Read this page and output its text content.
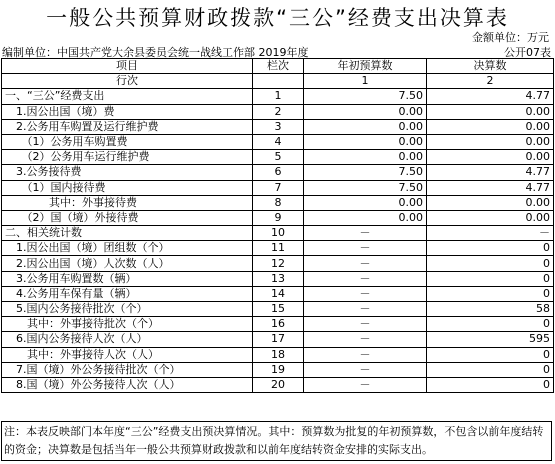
一般公共预算财政拨款“三公”经费支出决算表
金额单位：万元
编制单位：中国共产党大余县委员会统一战线工作部 2019年度	公开07表
项目	栏次	年初预算数	决算数
行次		1	2
一、“三公”经费支出	1	7.50	4.77
　1.因公出国（境）费	2	0.00	0.00
　2.公务用车购置及运行维护费	3	0.00	0.00
　　（1）公务用车购置费	4	0.00	0.00
　　（2）公务用车运行维护费	5	0.00	0.00
　3.公务接待费	6	7.50	4.77
　　（1）国内接待费	7	7.50	4.77
　　　　其中：外事接待费	8	0.00	0.00
　　（2）国（境）外接待费	9	0.00	0.00
二、相关统计数	10	－	－
　1.因公出国（境）团组数（个）	11	－	0
　2.因公出国（境）人次数（人）	12	－	0
　3.公务用车购置数（辆）	13	－	0
　4.公务用车保有量（辆）	14	－	0
　5.国内公务接待批次（个）	15	－	58
　　其中：外事接待批次（个）	16	－	0
　6.国内公务接待人次（人）	17	－	595
　　其中：外事接待人次（人）	18	－	0
　7.国（境）外公务接待批次（个）	19	－	0
　8.国（境）外公务接待人次（人）	20	－	0
注：本表反映部门本年度“三公”经费支出预决算情况。其中：预算数为批复的年初预算数，不包含以前年度结转的资金；决算数是包括当年一般公共预算财政拨款和以前年度结转资金安排的实际支出。
